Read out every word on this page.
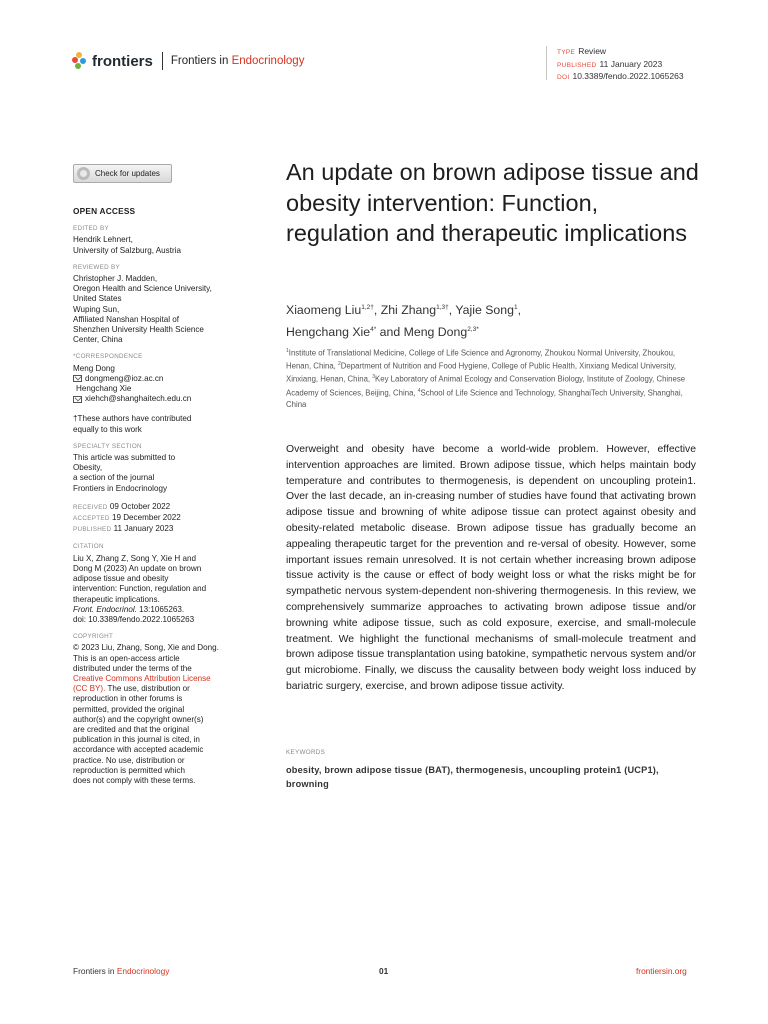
frontiers Frontiers in Endocrinology
TYPE Review
PUBLISHED 11 January 2023
DOI 10.3389/fendo.2022.1065263
Check for updates
OPEN ACCESS
EDITED BY
Hendrik Lehnert,
University of Salzburg, Austria
REVIEWED BY
Christopher J. Madden,
Oregon Health and Science University,
United States
Wuping Sun,
Affiliated Nanshan Hospital of
Shenzhen University Health Science
Center, China
*CORRESPONDENCE
Meng Dong
dongmeng@ioz.ac.cn
Hengchang Xie
xiehch@shanghaitech.edu.cn
†These authors have contributed
equally to this work
SPECIALTY SECTION
This article was submitted to
Obesity,
a section of the journal
Frontiers in Endocrinology
RECEIVED 09 October 2022
ACCEPTED 19 December 2022
PUBLISHED 11 January 2023
CITATION
Liu X, Zhang Z, Song Y, Xie H and
Dong M (2023) An update on brown
adipose tissue and obesity
intervention: Function, regulation and
therapeutic implications.
Front. Endocrinol. 13:1065263.
doi: 10.3389/fendo.2022.1065263
COPYRIGHT
© 2023 Liu, Zhang, Song, Xie and Dong.
This is an open-access article
distributed under the terms of the
Creative Commons Attribution License
(CC BY). The use, distribution or
reproduction in other forums is
permitted, provided the original
author(s) and the copyright owner(s)
are credited and that the original
publication in this journal is cited, in
accordance with accepted academic
practice. No use, distribution or
reproduction is permitted which
does not comply with these terms.
An update on brown adipose tissue and obesity intervention: Function, regulation and therapeutic implications
Xiaomeng Liu$^{1,2\dagger}$, Zhi Zhang$^{1,3\dagger}$, Yajie Song$^1$,
Hengchang Xie$^{4*}$ and Meng Dong$^{2,3*}$
$^1$Institute of Translational Medicine, College of Life Science and Agronomy, Zhoukou Normal University, Zhoukou, Henan, China, $^2$Department of Nutrition and Food Hygiene, College of Public Health, Xinxiang Medical University, Xinxiang, Henan, China, $^3$Key Laboratory of Animal Ecology and Conservation Biology, Institute of Zoology, Chinese Academy of Sciences, Beijing, China, $^4$School of Life Science and Technology, ShanghaiTech University, Shanghai, China
Overweight and obesity have become a world-wide problem. However, effective intervention approaches are limited. Brown adipose tissue, which helps maintain body temperature and contributes to thermogenesis, is dependent on uncoupling protein1. Over the last decade, an in-creasing number of studies have found that activating brown adipose tissue and browning of white adipose tissue can protect against obesity and obesity-related metabolic disease. Brown adipose tissue has gradually become an appealing therapeutic target for the prevention and re-versal of obesity. However, some important issues remain unresolved. It is not certain whether increasing brown adipose tissue activity is the cause or effect of body weight loss or what the risks might be for sympathetic nervous system-dependent non-shivering thermogenesis. In this review, we comprehensively summarize approaches to activating brown adipose tissue and/or browning white adipose tissue, such as cold exposure, exercise, and small-molecule treatment. We highlight the functional mechanisms of small-molecule treatment and brown adipose tissue transplantation using batokine, sympathetic nervous system and/or gut microbiome. Finally, we discuss the causality between body weight loss induced by bariatric surgery, exercise, and brown adipose tissue activity.
KEYWORDS
obesity, brown adipose tissue (BAT), thermogenesis, uncoupling protein1 (UCP1), browning
Frontiers in Endocrinology	01	frontiersin.org
